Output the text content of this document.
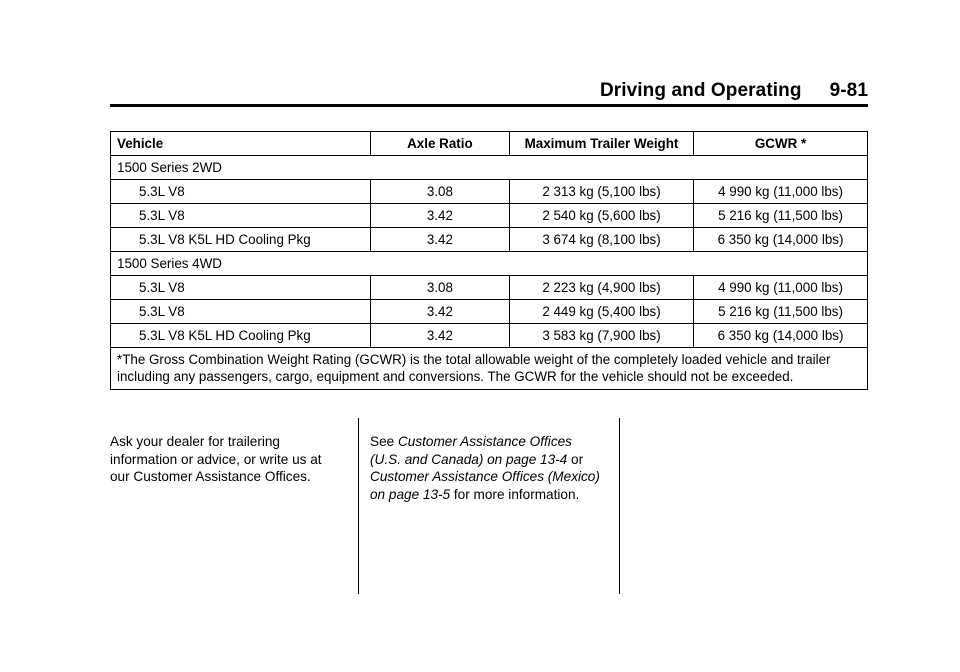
Driving and Operating 9-81
Vehicle	Axle Ratio	Maximum Trailer Weight	GCWR *
1500 Series 2WD			
5.3L V8	3.08	2 313 kg (5,100 lbs)	4 990 kg (11,000 lbs)
5.3L V8	3.42	2 540 kg (5,600 lbs)	5 216 kg (11,500 lbs)
5.3L V8 K5L HD Cooling Pkg	3.42	3 674 kg (8,100 lbs)	6 350 kg (14,000 lbs)
1500 Series 4WD			
5.3L V8	3.08	2 223 kg (4,900 lbs)	4 990 kg (11,000 lbs)
5.3L V8	3.42	2 449 kg (5,400 lbs)	5 216 kg (11,500 lbs)
5.3L V8 K5L HD Cooling Pkg	3.42	3 583 kg (7,900 lbs)	6 350 kg (14,000 lbs)
*The Gross Combination Weight Rating (GCWR) is the total allowable weight of the completely loaded vehicle and trailer including any passengers, cargo, equipment and conversions. The GCWR for the vehicle should not be exceeded.			
Ask your dealer for trailering information or advice, or write us at our Customer Assistance Offices.
See Customer Assistance Offices (U.S. and Canada) on page 13-4 or Customer Assistance Offices (Mexico) on page 13-5 for more information.
